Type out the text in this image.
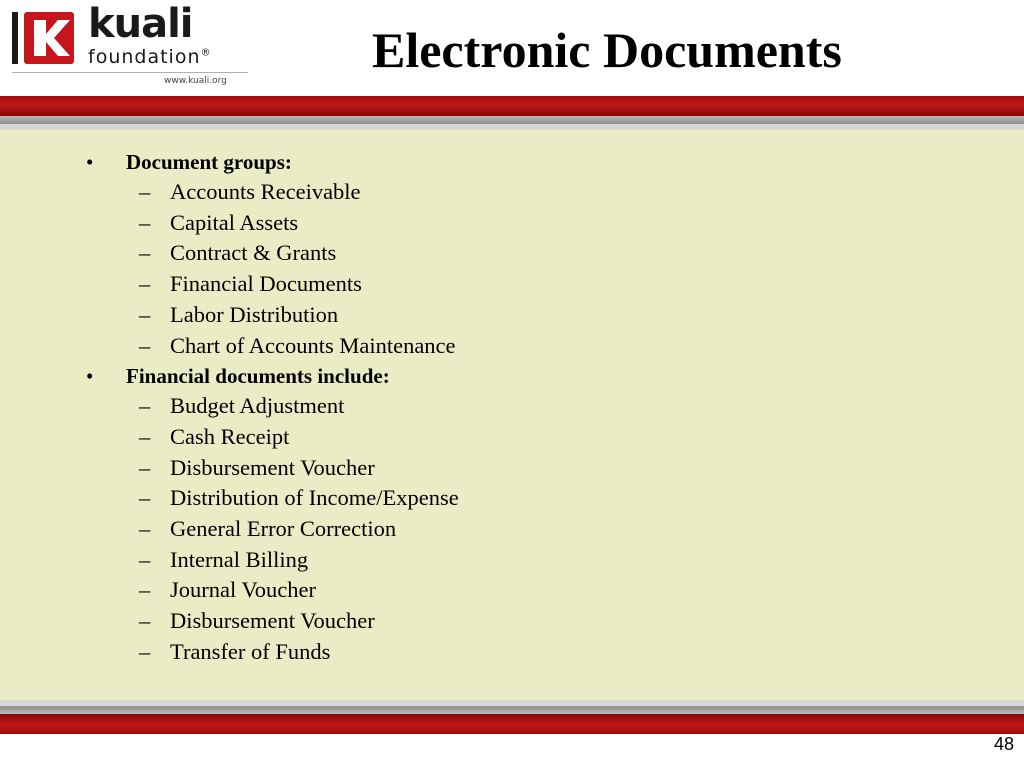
kuali
foundation®
www.kuali.org
Electronic Documents
• Document groups:
– Accounts Receivable
– Capital Assets
– Contract & Grants
– Financial Documents
– Labor Distribution
– Chart of Accounts Maintenance
• Financial documents include:
– Budget Adjustment
– Cash Receipt
– Disbursement Voucher
– Distribution of Income/Expense
– General Error Correction
– Internal Billing
– Journal Voucher
– Disbursement Voucher
– Transfer of Funds
48
